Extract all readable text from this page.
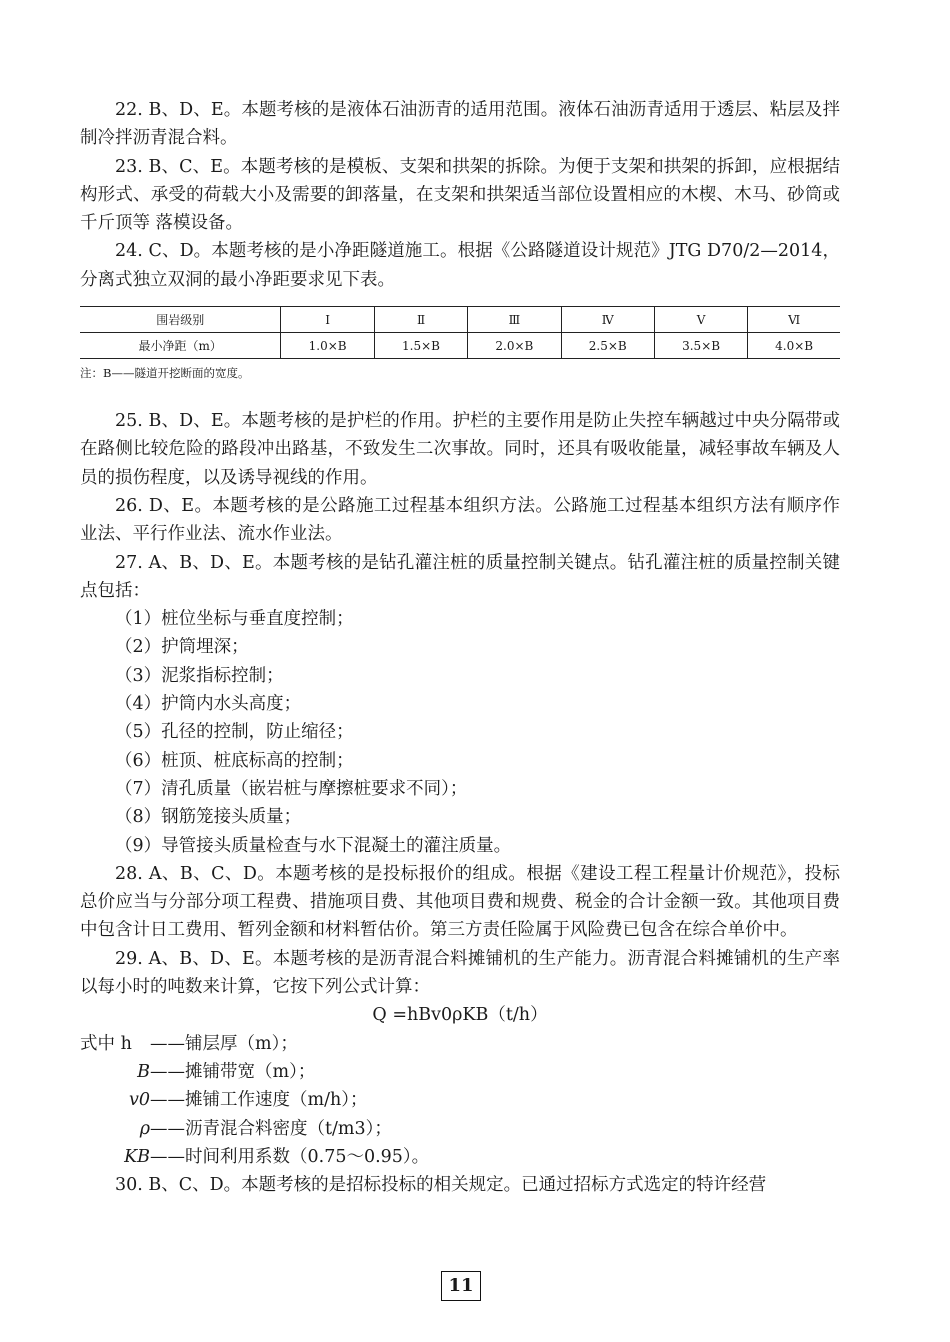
22. B、D、E。本题考核的是液体石油沥青的适用范围。液体石油沥青适用于透层、粘层及拌制冷拌沥青混合料。

23. B、C、E。本题考核的是模板、支架和拱架的拆除。为便于支架和拱架的拆卸，应根据结构形式、承受的荷载大小及需要的卸落量，在支架和拱架适当部位设置相应的木楔、木马、砂筒或千斤顶等 落模设备。

24. C、D。本题考核的是小净距隧道施工。根据《公路隧道设计规范》JTG D70/2—2014，分离式独立双洞的最小净距要求见下表。

围岩级别	Ⅰ	Ⅱ	Ⅲ	Ⅳ	Ⅴ	Ⅵ
最小净距（m）	1.0×B	1.5×B	2.0×B	2.5×B	3.5×B	4.0×B
注：B——隧道开挖断面的宽度。

25. B、D、E。本题考核的是护栏的作用。护栏的主要作用是防止失控车辆越过中央分隔带或在路侧比较危险的路段冲出路基，不致发生二次事故。同时，还具有吸收能量，减轻事故车辆及人员的损伤程度，以及诱导视线的作用。

26. D、E。本题考核的是公路施工过程基本组织方法。公路施工过程基本组织方法有顺序作业法、平行作业法、流水作业法。

27. A、B、D、E。本题考核的是钻孔灌注桩的质量控制关键点。钻孔灌注桩的质量控制关键点包括：

（1）桩位坐标与垂直度控制；

（2）护筒埋深；

（3）泥浆指标控制；

（4）护筒内水头高度；

（5）孔径的控制，防止缩径；

（6）桩顶、桩底标高的控制；

（7）清孔质量（嵌岩桩与摩擦桩要求不同）；

（8）钢筋笼接头质量；

（9）导管接头质量检查与水下混凝土的灌注质量。

28. A、B、C、D。本题考核的是投标报价的组成。根据《建设工程工程量计价规范》，投标总价应当与分部分项工程费、措施项目费、其他项目费和规费、税金的合计金额一致。其他项目费中包含计日工费用、暂列金额和材料暂估价。第三方责任险属于风险费已包含在综合单价中。

29. A、B、D、E。本题考核的是沥青混合料摊铺机的生产能力。沥青混合料摊铺机的生产率以每小时的吨数来计算，它按下列公式计算：

Q =hBv0ρKB（t/h）

式中 h	——铺层厚（m）；
B ——摊铺带宽（m）；
v0 ——摊铺工作速度（m/h）；
ρ ——沥青混合料密度（t/m3）；
KB ——时间利用系数（0.75～0.95）。

30. B、C、D。本题考核的是招标投标的相关规定。已通过招标方式选定的特许经营

11
